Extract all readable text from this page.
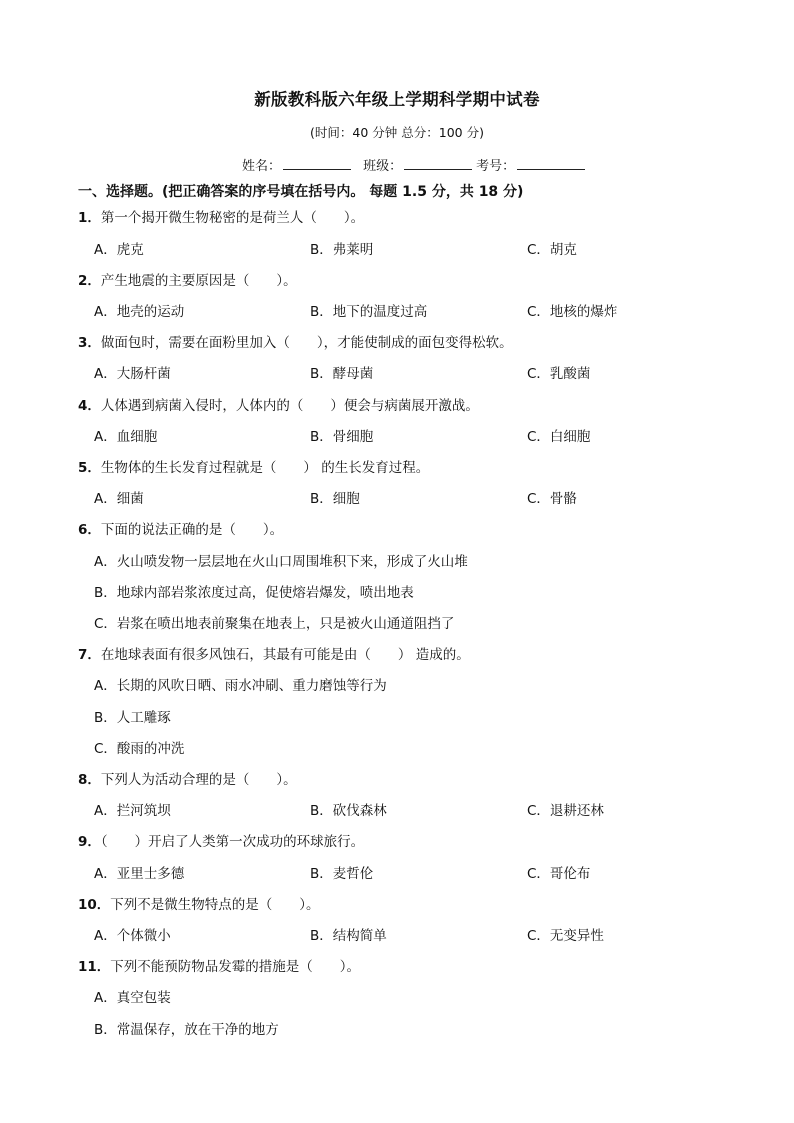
新版教科版六年级上学期科学期中试卷
(时间：40 分钟 总分：100 分)
姓名：	班级：	考号：
一、选择题。(把正确答案的序号填在括号内。 每题 1.5 分，共 18 分)
1．第一个揭开微生物秘密的是荷兰人（　　）。
A．虎克	B．弗莱明	C．胡克
2．产生地震的主要原因是（　　）。
A．地壳的运动	B．地下的温度过高	C．地核的爆炸
3．做面包时，需要在面粉里加入（　　），才能使制成的面包变得松软。
A．大肠杆菌	B．酵母菌	C．乳酸菌
4．人体遇到病菌入侵时，人体内的（　　）便会与病菌展开激战。
A．血细胞	B．骨细胞	C．白细胞
5．生物体的生长发育过程就是（　　） 的生长发育过程。
A．细菌	B．细胞	C．骨骼
6．下面的说法正确的是（　　）。
A．火山喷发物一层层地在火山口周围堆积下来，形成了火山堆
B．地球内部岩浆浓度过高，促使熔岩爆发，喷出地表
C．岩浆在喷出地表前聚集在地表上，只是被火山通道阻挡了
7．在地球表面有很多风蚀石，其最有可能是由（　　） 造成的。
A．长期的风吹日晒、雨水冲刷、重力磨蚀等行为
B．人工雕琢
C．酸雨的冲洗
8．下列人为活动合理的是（　　）。
A．拦河筑坝	B．砍伐森林	C．退耕还林
9．（　　）开启了人类第一次成功的环球旅行。
A．亚里士多德	B．麦哲伦	C．哥伦布
10．下列不是微生物特点的是（　　）。
A．个体微小	B．结构简单	C．无变异性
11．下列不能预防物品发霉的措施是（　　）。
A．真空包装
B．常温保存，放在干净的地方
